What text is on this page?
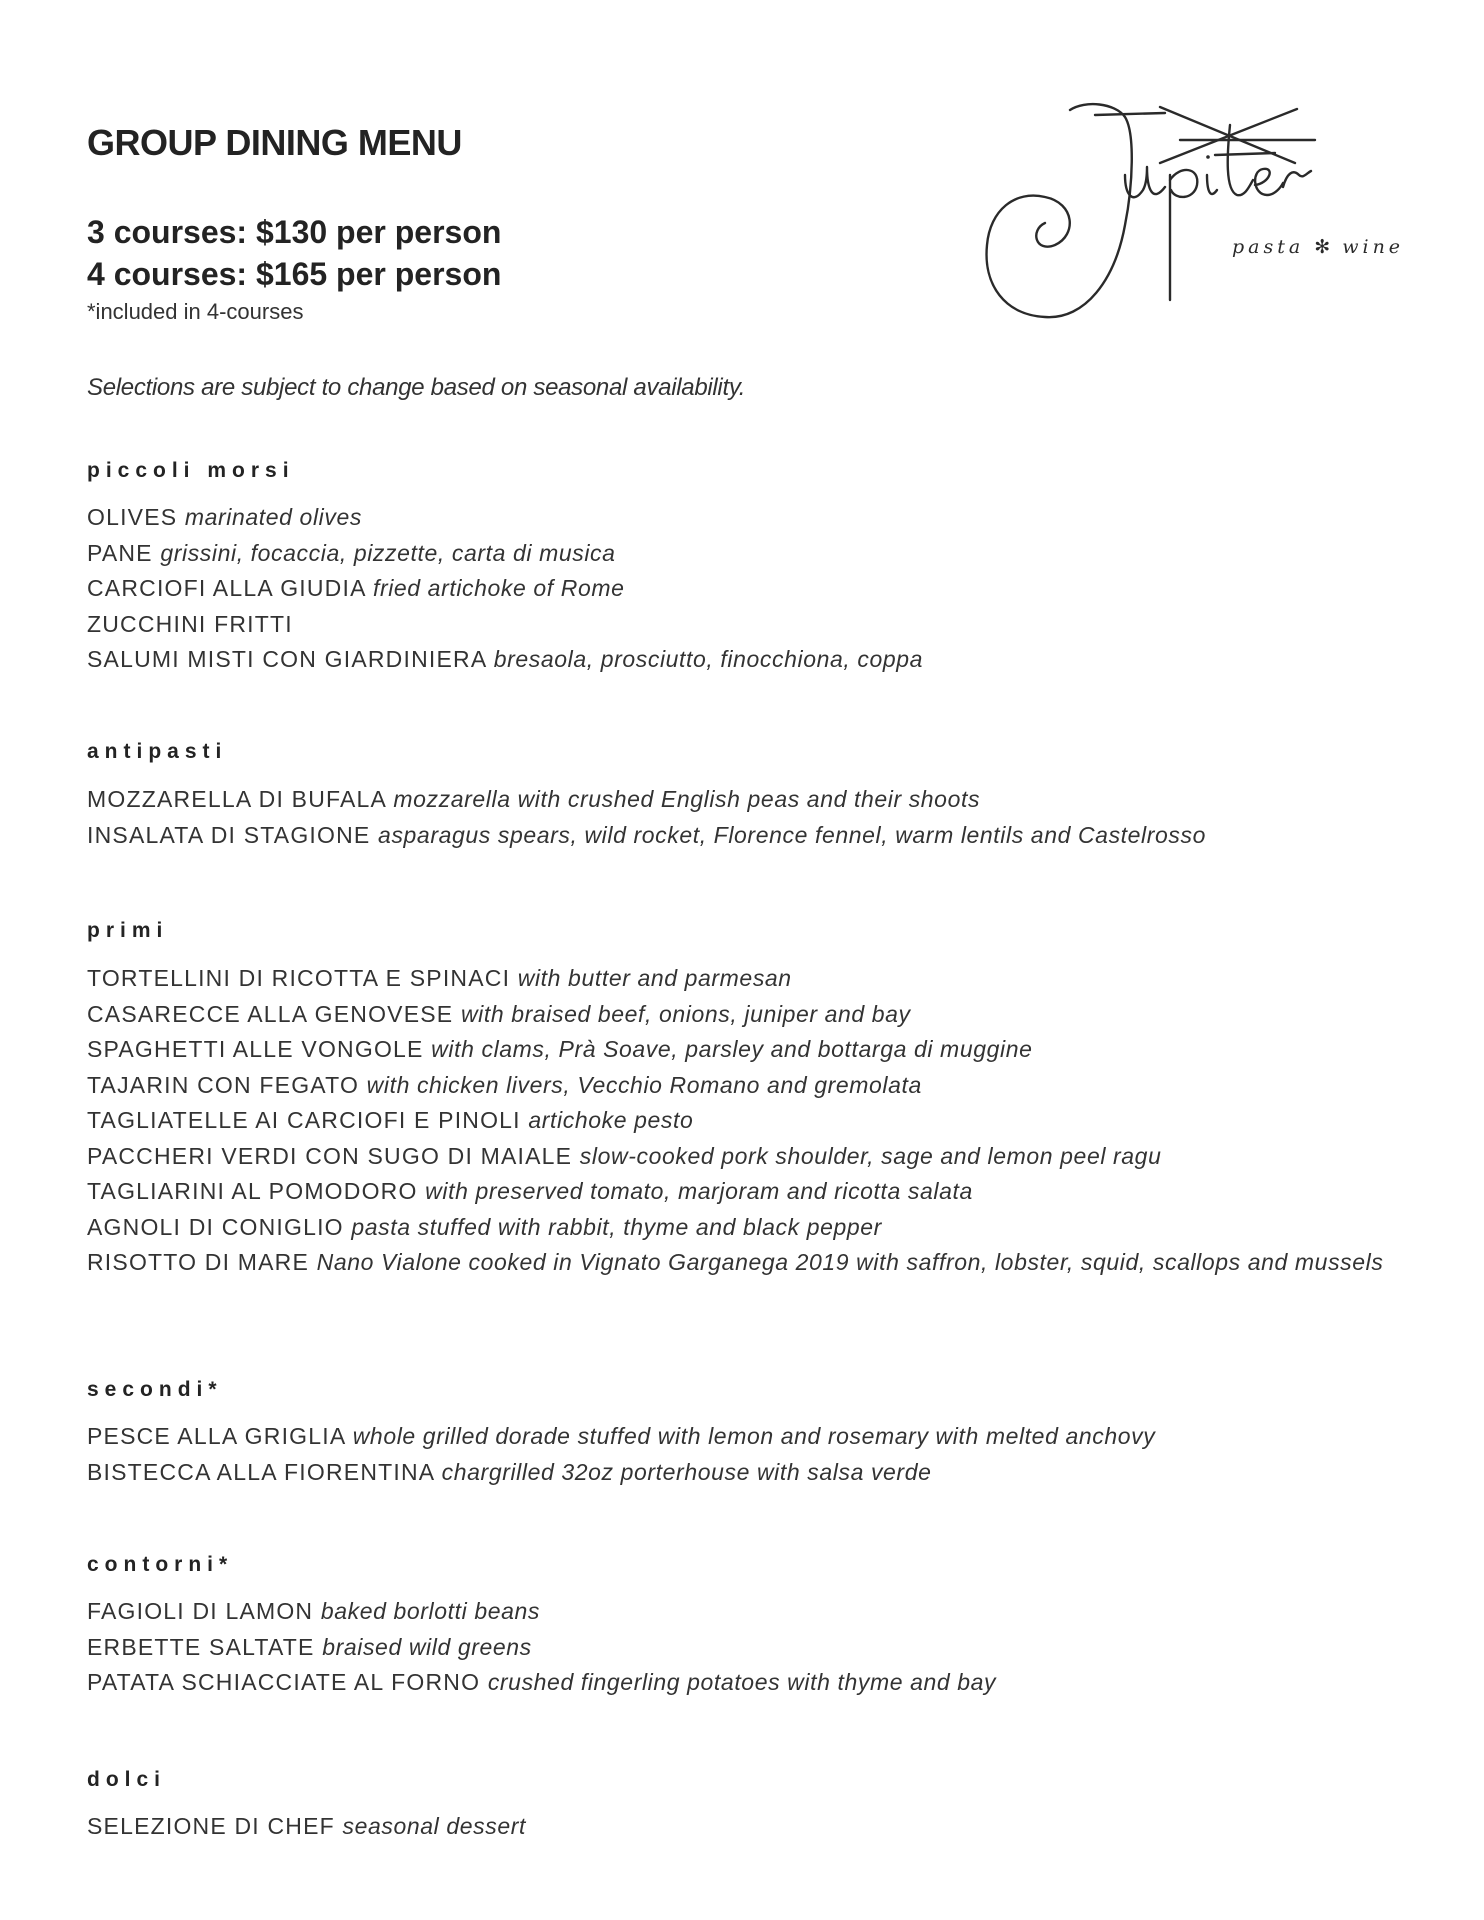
GROUP DINING MENU
3 courses: $130 per person
4 courses: $165 per person
*included in 4-courses
Selections are subject to change based on seasonal availability.
piccoli morsi
OLIVES marinated olives
PANE grissini, focaccia, pizzette, carta di musica
CARCIOFI ALLA GIUDIA fried artichoke of Rome
ZUCCHINI FRITTI
SALUMI MISTI CON GIARDINIERA bresaola, prosciutto, finocchiona, coppa
antipasti
MOZZARELLA DI BUFALA mozzarella with crushed English peas and their shoots
INSALATA DI STAGIONE asparagus spears, wild rocket, Florence fennel, warm lentils and Castelrosso
primi
TORTELLINI DI RICOTTA E SPINACI with butter and parmesan
CASARECCE ALLA GENOVESE with braised beef, onions, juniper and bay
SPAGHETTI ALLE VONGOLE with clams, Prà Soave, parsley and bottarga di muggine
TAJARIN CON FEGATO with chicken livers, Vecchio Romano and gremolata
TAGLIATELLE AI CARCIOFI E PINOLI artichoke pesto
PACCHERI VERDI CON SUGO DI MAIALE slow-cooked pork shoulder, sage and lemon peel ragu
TAGLIARINI AL POMODORO with preserved tomato, marjoram and ricotta salata
AGNOLI DI CONIGLIO pasta stuffed with rabbit, thyme and black pepper
RISOTTO DI MARE Nano Vialone cooked in Vignato Garganega 2019 with saffron, lobster, squid, scallops and mussels
secondi*
PESCE ALLA GRIGLIA whole grilled dorade stuffed with lemon and rosemary with melted anchovy
BISTECCA ALLA FIORENTINA chargrilled 32oz porterhouse with salsa verde
contorni*
FAGIOLI DI LAMON baked borlotti beans
ERBETTE SALTATE braised wild greens
PATATA SCHIACCIATE AL FORNO crushed fingerling potatoes with thyme and bay
dolci
SELEZIONE DI CHEF seasonal dessert
pasta ✻ wine
